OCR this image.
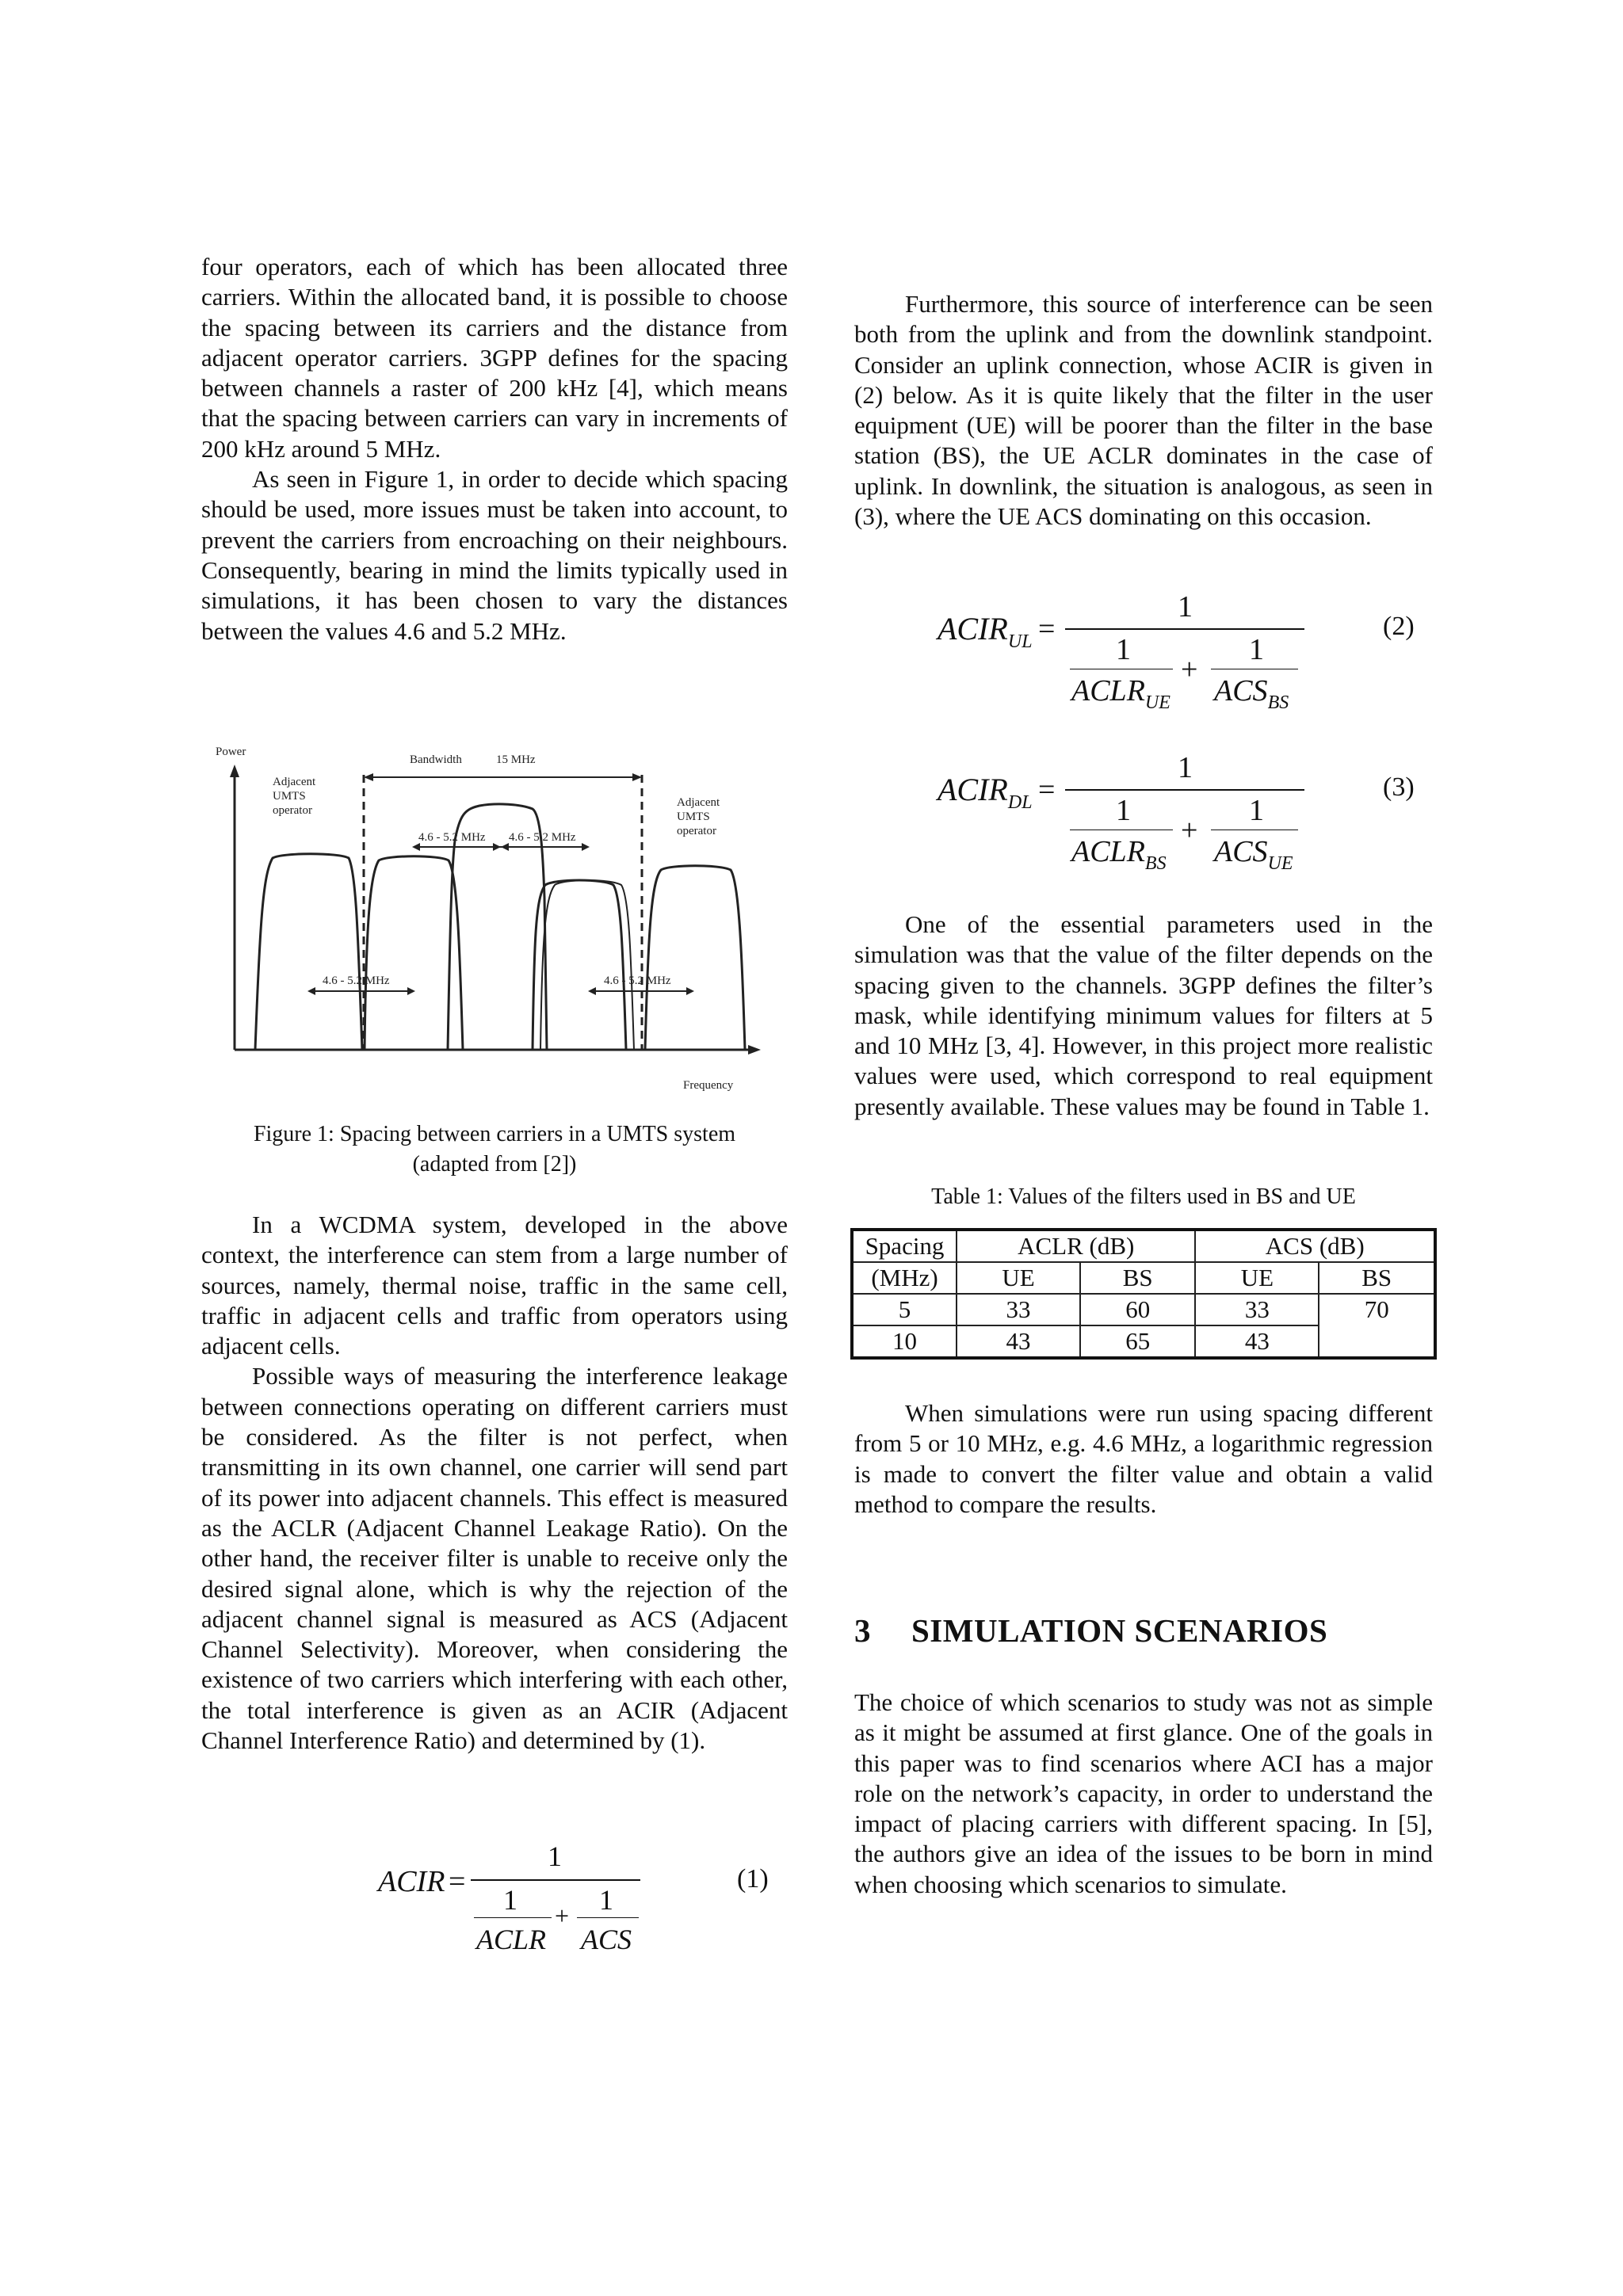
four operators, each of which has been allocated three carriers. Within the allocated band, it is possible to choose the spacing between its carriers and the distance from adjacent operator carriers. 3GPP defines for the spacing between channels a raster of 200 kHz [4], which means that the spacing between carriers can vary in increments of 200 kHz around 5 MHz.

As seen in Figure 1, in order to decide which spacing should be used, more issues must be taken into account, to prevent the carriers from encroaching on their neighbours. Consequently, bearing in mind the limits typically used in simulations, it has been chosen to vary the distances between the values 4.6 and 5.2 MHz.

Power
Frequency
Bandwidth	15 MHz
Adjacent UMTS operator
Adjacent UMTS operator
4.6 - 5.2 MHz 4.6 - 5.2 MHz
4.6 - 5.2 MHz	4.6 - 5.2 MHz
Figure 1: Spacing between carriers in a UMTS system
(adapted from [2])

In a WCDMA system, developed in the above context, the interference can stem from a large number of sources, namely, thermal noise, traffic in the same cell, traffic in adjacent cells and traffic from operators using adjacent cells.

Possible ways of measuring the interference leakage between connections operating on different carriers must be considered. As the filter is not perfect, when transmitting in its own channel, one carrier will send part of its power into adjacent channels. This effect is measured as the ACLR (Adjacent Channel Leakage Ratio). On the other hand, the receiver filter is unable to receive only the desired signal alone, which is why the rejection of the adjacent channel signal is measured as ACS (Adjacent Channel Selectivity). Moreover, when considering the existence of two carriers which interfering with each other, the total interference is given as an ACIR (Adjacent Channel Interference Ratio) and determined by (1).

ACIR =
1
1	1
+
ACLR ACS
(1)

Furthermore, this source of interference can be seen both from the uplink and from the downlink standpoint. Consider an uplink connection, whose ACIR is given in (2) below. As it is quite likely that the filter in the user equipment (UE) will be poorer than the filter in the base station (BS), the UE ACLR dominates in the case of uplink. In downlink, the situation is analogous, as seen in (3), where the UE ACS dominating on this occasion.

$ACIR_{UL}$ =
1
1	1
+
$ACLR_{UE}$ $ACS_{BS}$
(2)
$ACIR_{DL}$ =
1
1	1
+
$ACLR_{BS}$ $ACS_{UE}$
(3)

One of the essential parameters used in the simulation was that the value of the filter depends on the spacing given to the channels. 3GPP defines the filter’s mask, while identifying minimum values for filters at 5 and 10 MHz [3, 4]. However, in this project more realistic values were used, which correspond to real equipment presently available. These values may be found in Table 1.

Table 1: Values of the filters used in BS and UE
Spacing	ACLR (dB)		ACS (dB)	
(MHz)	UE	BS	UE	BS
5	33	60	33	70
10	43	65	43	

When simulations were run using spacing different from 5 or 10 MHz, e.g. 4.6 MHz, a logarithmic regression is made to convert the filter value and obtain a valid method to compare the results.

3 SIMULATION SCENARIOS

The choice of which scenarios to study was not as simple as it might be assumed at first glance. One of the goals in this paper was to find scenarios where ACI has a major role on the network’s capacity, in order to understand the impact of placing carriers with different spacing. In [5], the authors give an idea of the issues to be born in mind when choosing which scenarios to simulate.
